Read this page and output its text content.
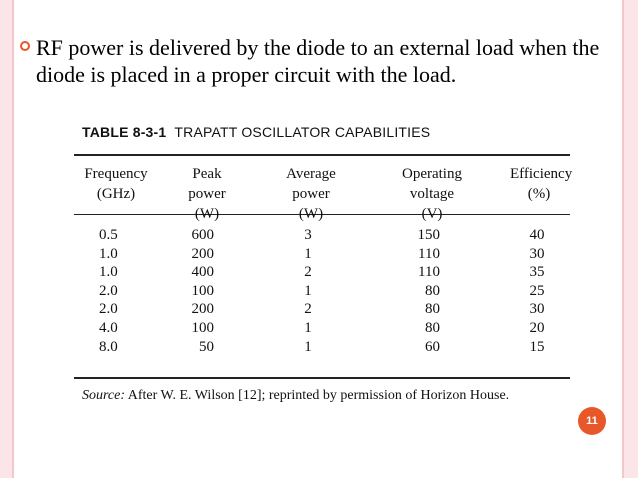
RF power is delivered by the diode to an external load when the diode is placed in a proper circuit with the load.
TABLE 8-3-1 TRAPATT OSCILLATOR CAPABILITIES
Frequency
(GHz)
Peak power
(W)
Average power
(W)
Operating voltage
(V)
Efficiency
(%)
0.5
1.0
1.0
2.0
2.0
4.0
8.0
600
200
400
100
200
100
50
3
1
2
1
2
1
1
150
110
110
80
80
80
60
40
30
35
25
30
20
15
Source: After W. E. Wilson [12]; reprinted by permission of Horizon House.
11
